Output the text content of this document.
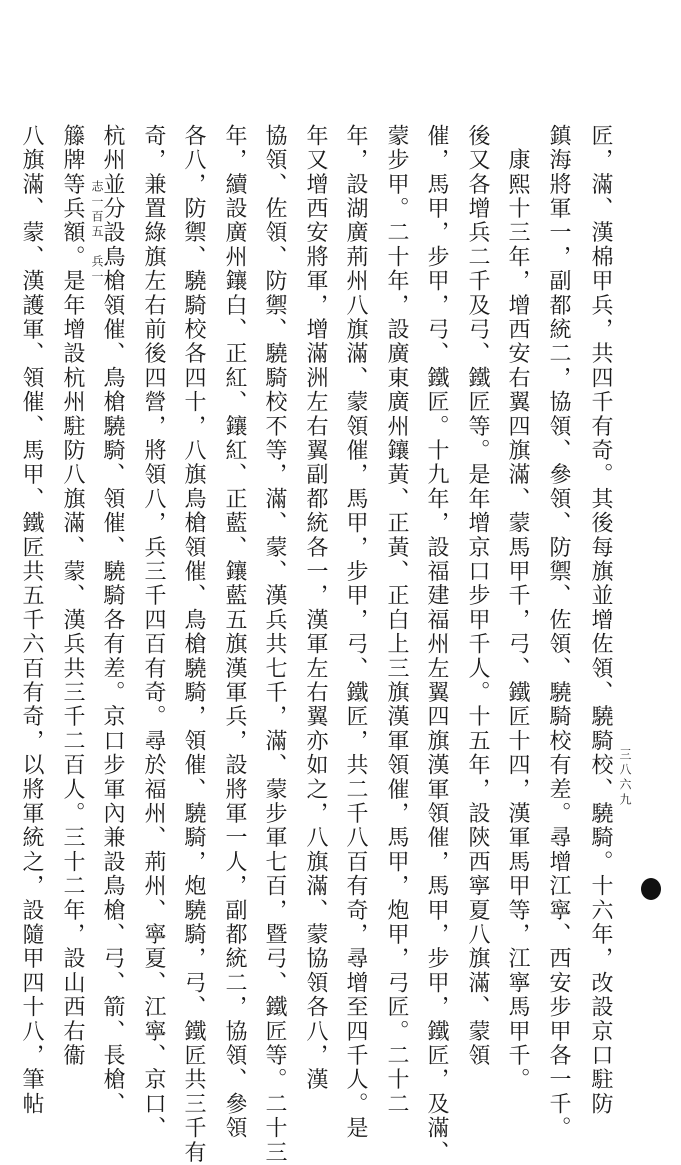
匠，滿、漢棉甲兵，共四千有奇。其後每旗並增佐領、驍騎校、驍騎。十六年，改設京口駐防
鎮海將軍一，副都統二，協領、參領、防禦、佐領、驍騎校有差。尋增江寧、西安步甲各一千。
　康熙十三年，增西安右翼四旗滿、蒙馬甲千，弓、鐵匠十四，漢軍馬甲等，江寧馬甲千。
後又各增兵二千及弓、鐵匠等。是年增京口步甲千人。十五年，設陝西寧夏八旗滿、蒙領
催，馬甲，步甲，弓、鐵匠。十九年，設福建福州左翼四旗漢軍領催，馬甲，步甲，鐵匠，及滿、
蒙步甲。二十年，設廣東廣州鑲黃、正黃、正白上三旗漢軍領催，馬甲，炮甲，弓匠。二十二
年，設湖廣荊州八旗滿、蒙領催，馬甲，步甲，弓、鐵匠，共二千八百有奇，尋增至四千人。是
年又增西安將軍，增滿洲左右翼副都統各一，漢軍左右翼亦如之，八旗滿、蒙協領各八，漢
協領、佐領、防禦、驍騎校不等，滿、蒙、漢兵共七千，滿、蒙步軍七百，暨弓、鐵匠等。二十三
年，續設廣州鑲白、正紅、鑲紅、正藍、鑲藍五旗漢軍兵，設將軍一人，副都統二，協領、參領
各八，防禦、驍騎校各四十，八旗鳥槍領催、鳥槍驍騎，領催、驍騎，炮驍騎，弓、鐵匠共三千有
奇，兼置綠旗左右前後四營，將領八，兵三千四百有奇。尋於福州、荊州、寧夏、江寧、京口、
杭州並分設鳥槍領催、鳥槍驍騎、領催、驍騎各有差。京口步軍內兼設鳥槍、弓、箭、長槍、
籐牌等兵額。是年增設杭州駐防八旗滿、蒙、漢兵共三千二百人。三十二年，設山西右衞
八旗滿、蒙、漢護軍、領催、馬甲、鐵匠共五千六百有奇，以將軍統之，設隨甲四十八，筆帖	志一百五　兵一
三八六九
